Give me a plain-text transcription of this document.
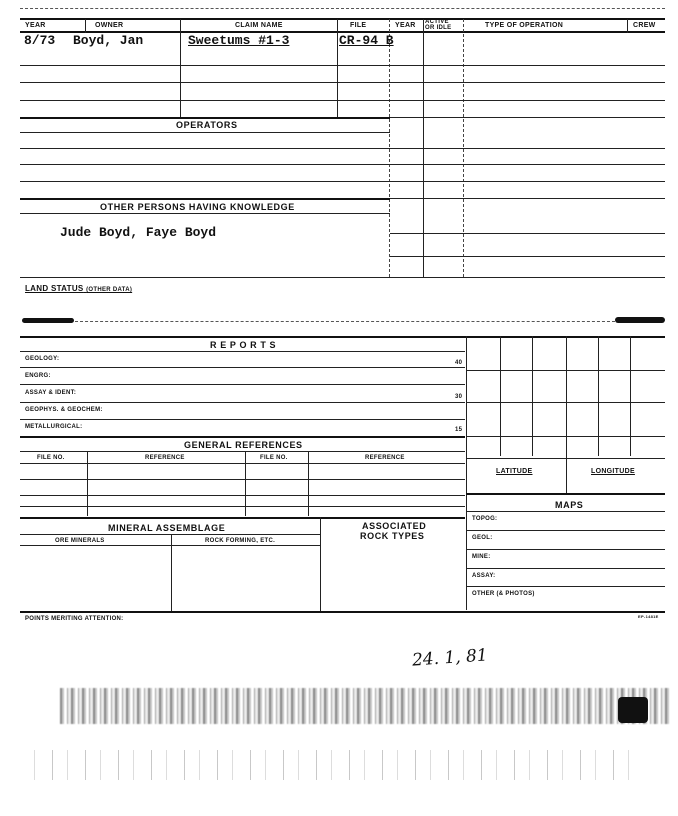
YEAR	OWNER	CLAIM NAME	FILE	YEAR ACTIVE OR IDLE	TYPE OF OPERATION	CREW
8/73 Boyd, Jan	Sweetums #1-3	CR-94 B
OPERATORS
OTHER PERSONS HAVING KNOWLEDGE
Jude Boyd, Faye Boyd
LAND STATUS (OTHER DATA)
R E P O R T S
GEOLOGY:
40
ENGRG:
ASSAY & IDENT:
30
GEOPHYS. & GEOCHEM:
METALLURGICAL:	15
GENERAL REFERENCES
FILE NO.	REFERENCE	FILE NO.	REFERENCE
MINERAL ASSEMBLAGE	ASSOCIATED
ROCK TYPES
ORE MINERALS	ROCK FORMING, ETC.
LATITUDE	LONGITUDE
MAPS
TOPOG:
GEOL:
MINE:
ASSAY:
OTHER (& PHOTOS)
POINTS MERITING ATTENTION:	EP-1481E
24. 1, 81
